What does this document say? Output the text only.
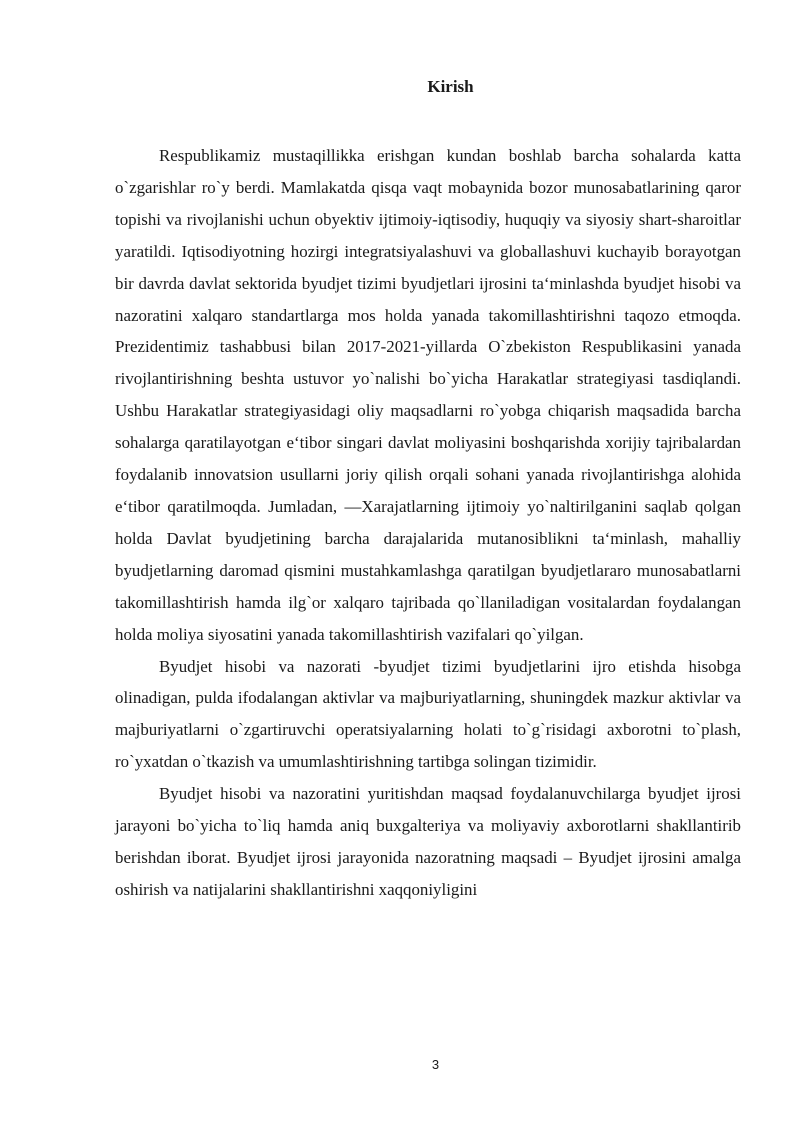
Kirish

Respublikamiz mustaqillikka erishgan kundan boshlab barcha sohalarda katta o`zgarishlar ro`y berdi. Mamlakatda qisqa vaqt mobaynida bozor munosabatlarining qaror topishi va rivojlanishi uchun obyektiv ijtimoiy-iqtisodiy, huquqiy va siyosiy shart-sharoitlar yaratildi. Iqtisodiyotning hozirgi integratsiyalashuvi va globallashuvi kuchayib borayotgan bir davrda davlat sektorida byudjet tizimi byudjetlari ijrosini ta‘minlashda byudjet hisobi va nazoratini xalqaro standartlarga mos holda yanada takomillashtirishni taqozo etmoqda. Prezidentimiz tashabbusi bilan 2017-2021-yillarda O`zbekiston Respublikasini yanada rivojlantirishning beshta ustuvor yo`nalishi bo`yicha Harakatlar strategiyasi tasdiqlandi. Ushbu Harakatlar strategiyasidagi oliy maqsadlarni ro`yobga chiqarish maqsadida barcha sohalarga qaratilayotgan e‘tibor singari davlat moliyasini boshqarishda xorijiy tajribalardan foydalanib innovatsion usullarni joriy qilish orqali sohani yanada rivojlantirishga alohida e‘tibor qaratilmoqda. Jumladan, ―Xarajatlarning ijtimoiy yo`naltirilganini saqlab qolgan holda Davlat byudjetining barcha darajalarida mutanosiblikni ta‘minlash, mahalliy byudjetlarning daromad qismini mustahkamlashga qaratilgan byudjetlararo munosabatlarni takomillashtirish hamda ilg`or xalqaro tajribada qo`llaniladigan vositalardan foydalangan holda moliya siyosatini yanada takomillashtirish vazifalari qo`yilgan.

Byudjet hisobi va nazorati -byudjet tizimi byudjetlarini ijro etishda hisobga olinadigan, pulda ifodalangan aktivlar va majburiyatlarning, shuningdek mazkur aktivlar va majburiyatlarni o`zgartiruvchi operatsiyalarning holati to`g`risidagi axborotni to`plash, ro`yxatdan o`tkazish va umumlashtirishning tartibga solingan tizimidir.

Byudjet hisobi va nazoratini yuritishdan maqsad foydalanuvchilarga byudjet ijrosi jarayoni bo`yicha to`liq hamda aniq buxgalteriya va moliyaviy axborotlarni shakllantirib berishdan iborat. Byudjet ijrosi jarayonida nazoratning maqsadi – Byudjet ijrosini amalga oshirish va natijalarini shakllantirishni xaqqoniyligini

3
